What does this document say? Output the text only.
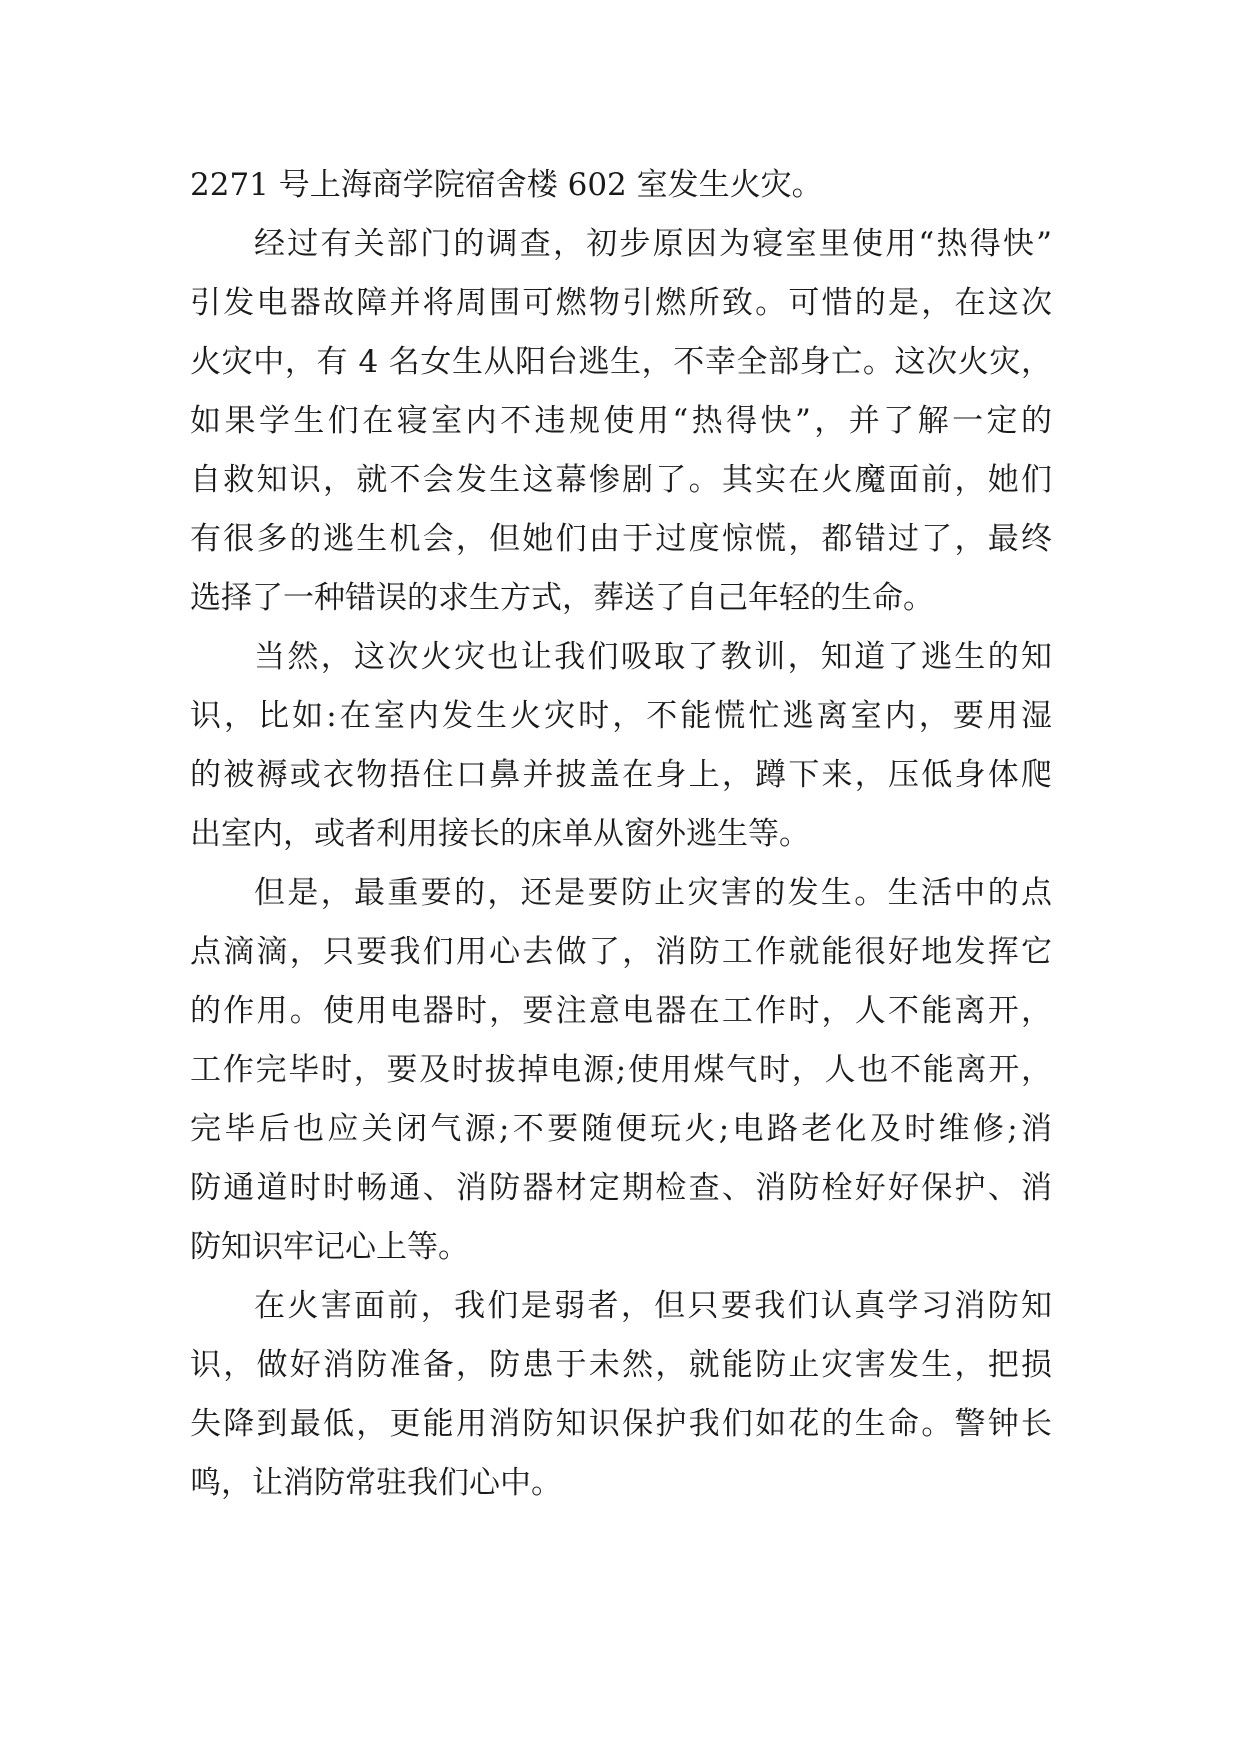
2271 号上海商学院宿舍楼 602 室发生火灾。
经过有关部门的调查，初步原因为寝室里使用“热得快”
引发电器故障并将周围可燃物引燃所致。可惜的是，在这次
火灾中，有 4 名女生从阳台逃生，不幸全部身亡。这次火灾，
如果学生们在寝室内不违规使用“热得快”，并了解一定的
自救知识，就不会发生这幕惨剧了。其实在火魔面前，她们
有很多的逃生机会，但她们由于过度惊慌，都错过了，最终
选择了一种错误的求生方式，葬送了自己年轻的生命。
当然，这次火灾也让我们吸取了教训，知道了逃生的知
识，比如:在室内发生火灾时，不能慌忙逃离室内，要用湿
的被褥或衣物捂住口鼻并披盖在身上，蹲下来，压低身体爬
出室内，或者利用接长的床单从窗外逃生等。
但是，最重要的，还是要防止灾害的发生。生活中的点
点滴滴，只要我们用心去做了，消防工作就能很好地发挥它
的作用。使用电器时，要注意电器在工作时，人不能离开，
工作完毕时，要及时拔掉电源;使用煤气时，人也不能离开，
完毕后也应关闭气源;不要随便玩火;电路老化及时维修;消
防通道时时畅通、消防器材定期检查、消防栓好好保护、消
防知识牢记心上等。
在火害面前，我们是弱者，但只要我们认真学习消防知
识，做好消防准备，防患于未然，就能防止灾害发生，把损
失降到最低，更能用消防知识保护我们如花的生命。警钟长
鸣，让消防常驻我们心中。
